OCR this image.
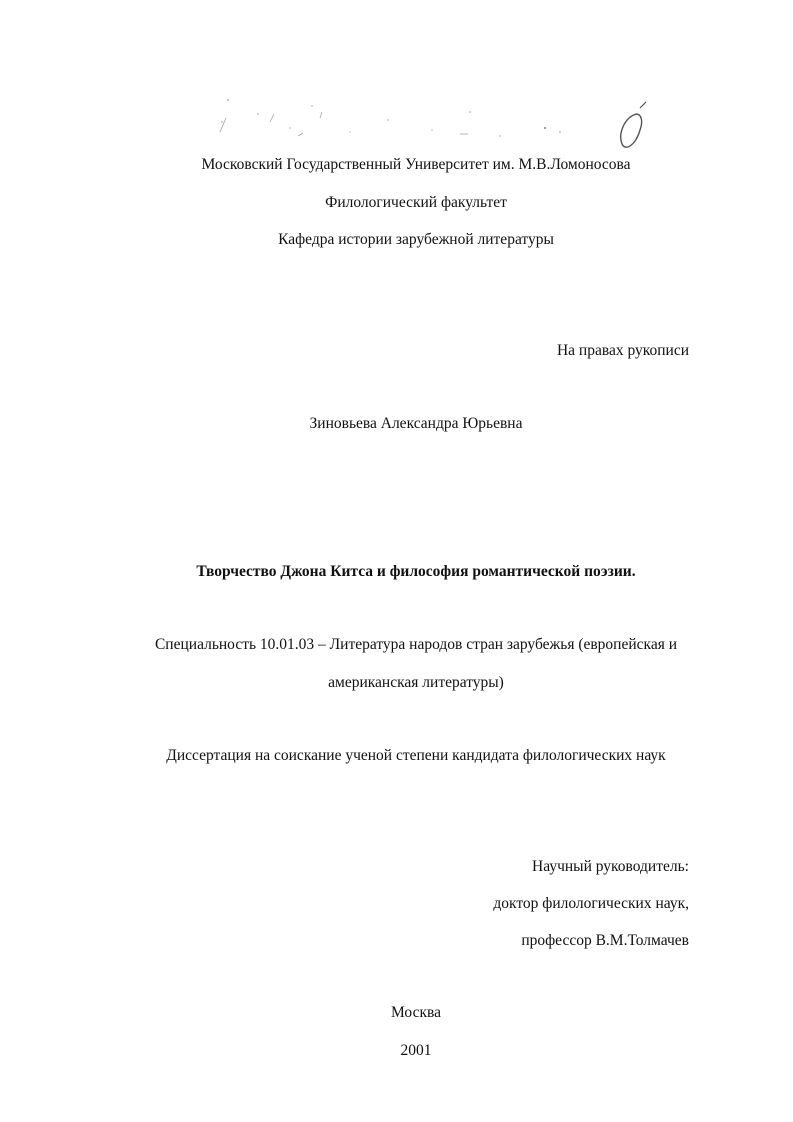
Московский Государственный Университет им. М.В.Ломоносова
Филологический факультет
Кафедра истории зарубежной литературы
На правах рукописи
Зиновьева Александра Юрьевна
Творчество Джона Китса и философия романтической поэзии.
Специальность 10.01.03 – Литература народов стран зарубежья (европейская и
американская литературы)
Диссертация на соискание ученой степени кандидата филологических наук
Научный руководитель:
доктор филологических наук,
профессор В.М.Толмачев
Москва
2001
